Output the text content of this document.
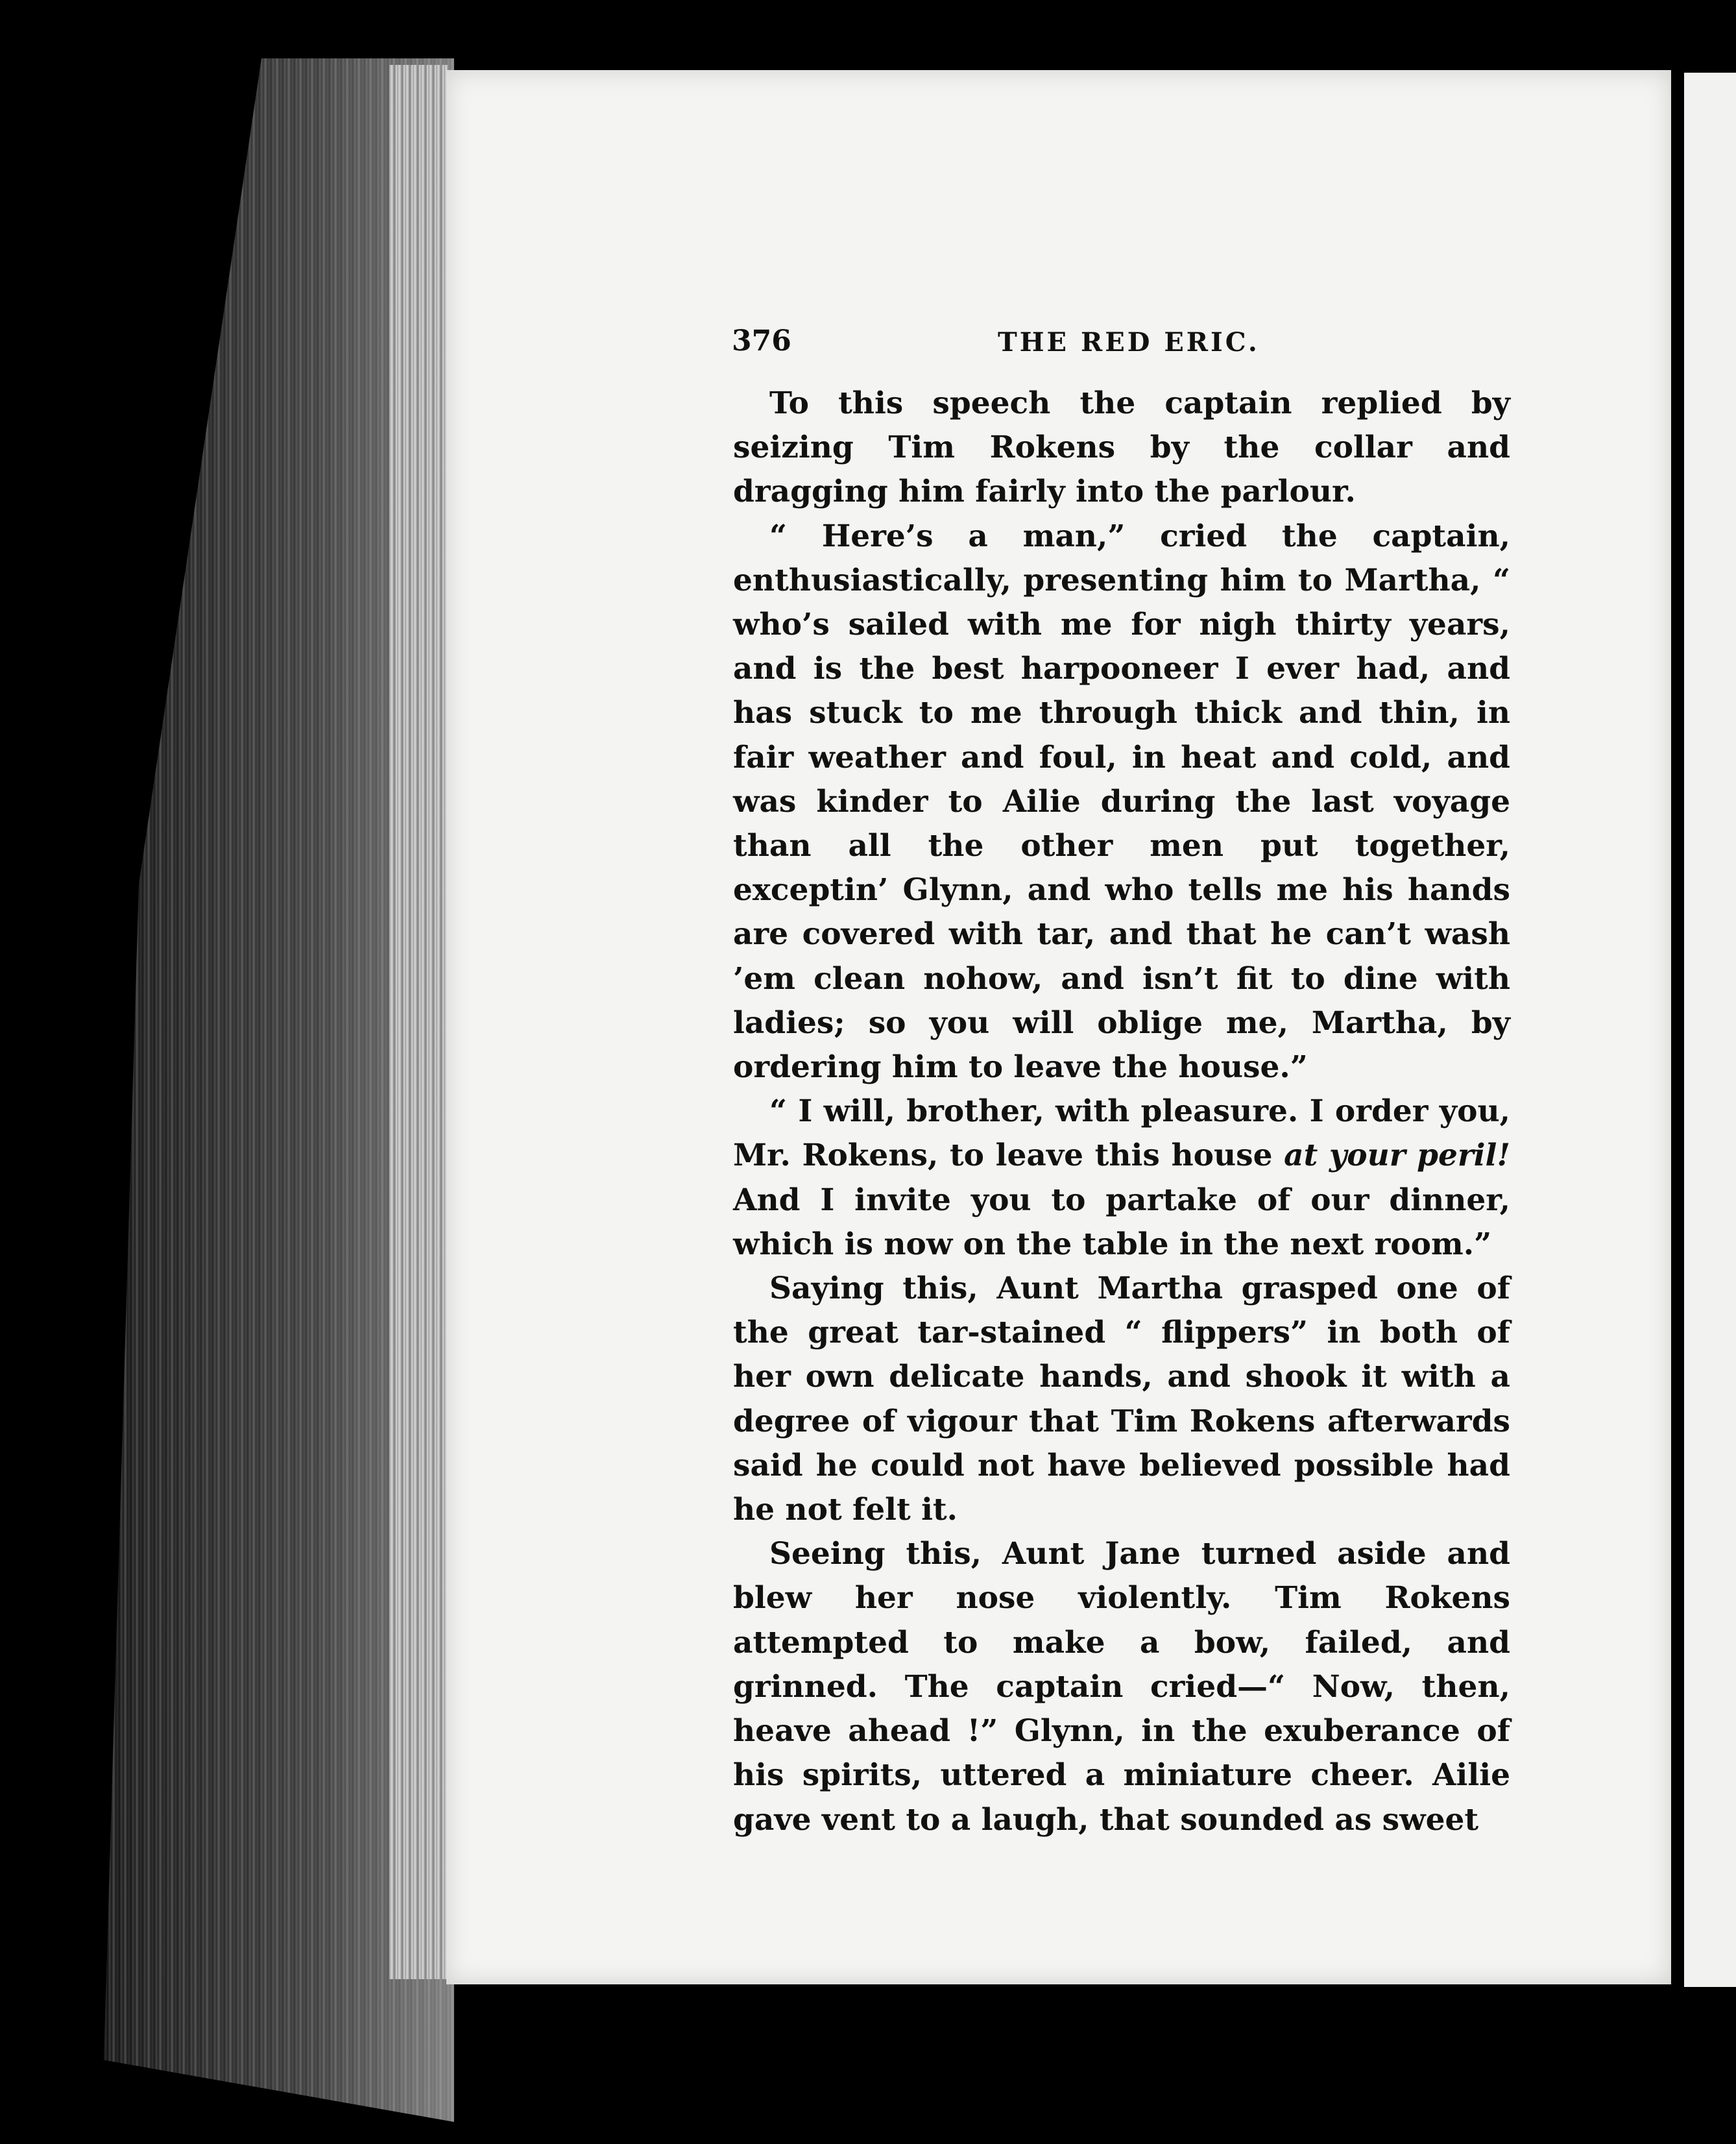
376	THE RED ERIC.

To this speech the captain replied by seizing Tim Rokens by the collar and dragging him fairly into the parlour.

“ Here’s a man,” cried the captain, enthusiastically, presenting him to Martha, “ who’s sailed with me for nigh thirty years, and is the best harpooneer I ever had, and has stuck to me through thick and thin, in fair weather and foul, in heat and cold, and was kinder to Ailie during the last voyage than all the other men put together, exceptin’ Glynn, and who tells me his hands are covered with tar, and that he can’t wash ’em clean nohow, and isn’t fit to dine with ladies; so you will oblige me, Martha, by ordering him to leave the house.”

“ I will, brother, with pleasure. I order you, Mr. Rokens, to leave this house at your peril! And I invite you to partake of our dinner, which is now on the table in the next room.”

Saying this, Aunt Martha grasped one of the great tar-stained “ flippers” in both of her own delicate hands, and shook it with a degree of vigour that Tim Rokens afterwards said he could not have believed possible had he not felt it.

Seeing this, Aunt Jane turned aside and blew her nose violently. Tim Rokens attempted to make a bow, failed, and grinned. The captain cried—“ Now, then, heave ahead !” Glynn, in the exuberance of his spirits, uttered a miniature cheer. Ailie gave vent to a laugh, that sounded as sweet
